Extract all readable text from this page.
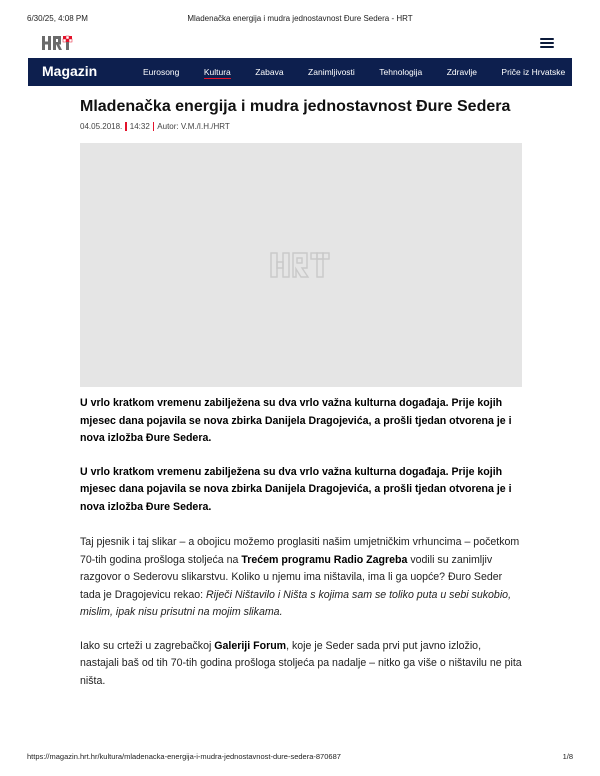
6/30/25, 4:08 PM	Mladenačka energija i mudra jednostavnost Đure Sedera - HRT
Magazin	Eurosong	Kultura	Zabava	Zanimljivosti	Tehnologija	Zdravlje	Priče iz Hrvatske
Mladenačka energija i mudra jednostavnost Đure Sedera
04.05.2018. 14:32 Autor: V.M./I.H./HRT

U vrlo kratkom vremenu zabilježena su dva vrlo važna kulturna događaja. Prije kojih mjesec dana pojavila se nova zbirka Danijela Dragojevića, a prošli tjedan otvorena je i nova izložba Đure Sedera.

U vrlo kratkom vremenu zabilježena su dva vrlo važna kulturna događaja. Prije kojih mjesec dana pojavila se nova zbirka Danijela Dragojevića, a prošli tjedan otvorena je i nova izložba Đure Sedera.

Taj pjesnik i taj slikar – a obojicu možemo proglasiti našim umjetničkim vrhuncima – početkom 70-tih godina prošloga stoljeća na Trećem programu Radio Zagreba vodili su zanimljiv razgovor o Sederovu slikarstvu. Koliko u njemu ima ništavila, ima li ga uopće? Đuro Seder tada je Dragojevicu rekao: Riječi Ništavilo i Ništa s kojima sam se toliko puta u sebi sukobio, mislim, ipak nisu prisutni na mojim slikama.

Iako su crteži u zagrebačkoj Galeriji Forum, koje je Seder sada prvi put javno izložio, nastajali baš od tih 70-tih godina prošloga stoljeća pa nadalje – nitko ga više o ništavilu ne pita ništa.

https://magazin.hrt.hr/kultura/mladenacka-energija-i-mudra-jednostavnost-dure-sedera-870687	1/8
